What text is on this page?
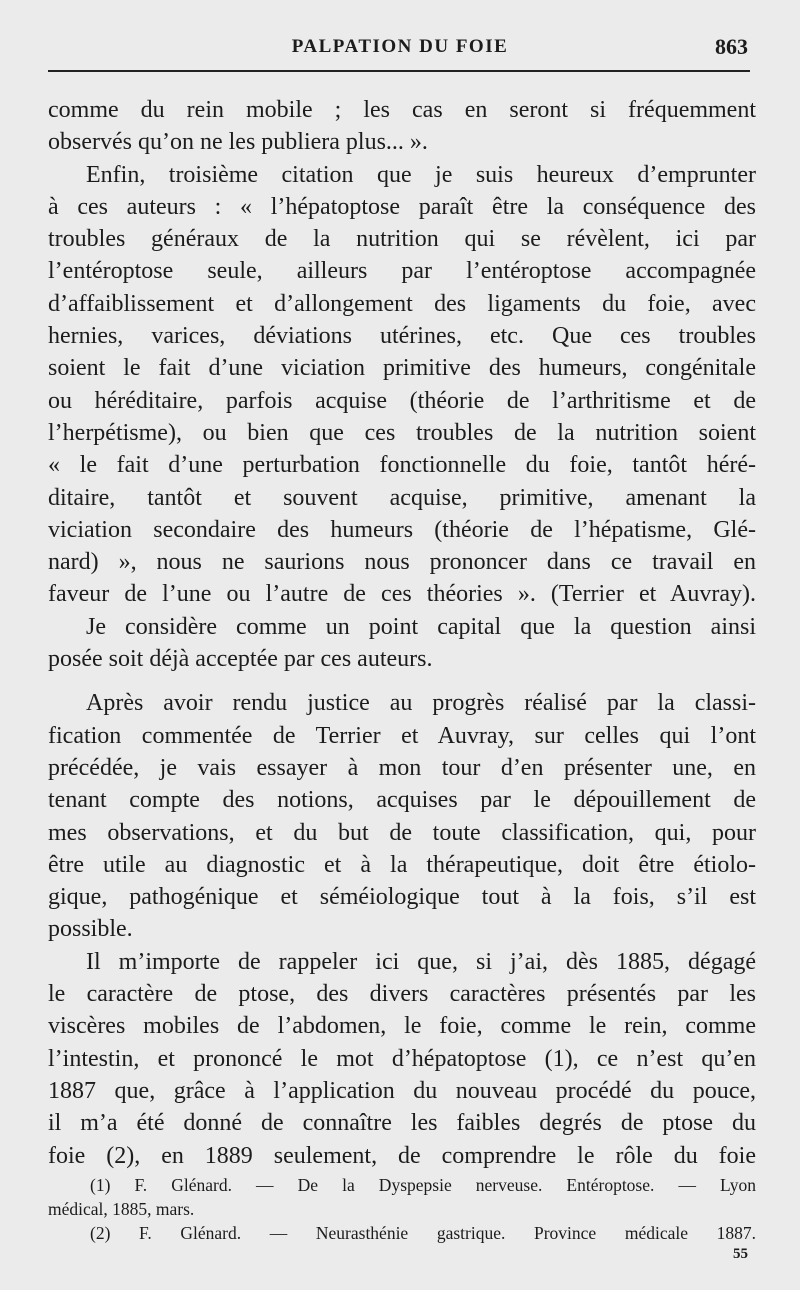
PALPATION DU FOIE	863
comme du rein mobile ; les cas en seront si fréquemment
observés qu’on ne les publiera plus... ».
Enfin, troisième citation que je suis heureux d’emprunter
à ces auteurs : « l’hépatoptose paraît être la conséquence des
troubles généraux de la nutrition qui se révèlent, ici par
l’entéroptose seule, ailleurs par l’entéroptose accompagnée
d’affaiblissement et d’allongement des ligaments du foie, avec
hernies, varices, déviations utérines, etc. Que ces troubles
soient le fait d’une viciation primitive des humeurs, congénitale
ou héréditaire, parfois acquise (théorie de l’arthritisme et de
l’herpétisme), ou bien que ces troubles de la nutrition soient
« le fait d’une perturbation fonctionnelle du foie, tantôt héré-
ditaire, tantôt et souvent acquise, primitive, amenant la
viciation secondaire des humeurs (théorie de l’hépatisme, Glé-
nard) », nous ne saurions nous prononcer dans ce travail en
faveur de l’une ou l’autre de ces théories ». (Terrier et Auvray).
Je considère comme un point capital que la question ainsi
posée soit déjà acceptée par ces auteurs.
Après avoir rendu justice au progrès réalisé par la classi-
fication commentée de Terrier et Auvray, sur celles qui l’ont
précédée, je vais essayer à mon tour d’en présenter une, en
tenant compte des notions, acquises par le dépouillement de
mes observations, et du but de toute classification, qui, pour
être utile au diagnostic et à la thérapeutique, doit être étiolo-
gique, pathogénique et séméiologique tout à la fois, s’il est
possible.
Il m’importe de rappeler ici que, si j’ai, dès 1885, dégagé
le caractère de ptose, des divers caractères présentés par les
viscères mobiles de l’abdomen, le foie, comme le rein, comme
l’intestin, et prononcé le mot d’hépatoptose (1), ce n’est qu’en
1887 que, grâce à l’application du nouveau procédé du pouce,
il m’a été donné de connaître les faibles degrés de ptose du
foie (2), en 1889 seulement, de comprendre le rôle du foie
(1) F. Glénard. — De la Dyspepsie nerveuse. Entéroptose. — Lyon
médical, 1885, mars.
(2) F. Glénard. — Neurasthénie gastrique. Province médicale 1887.
55
